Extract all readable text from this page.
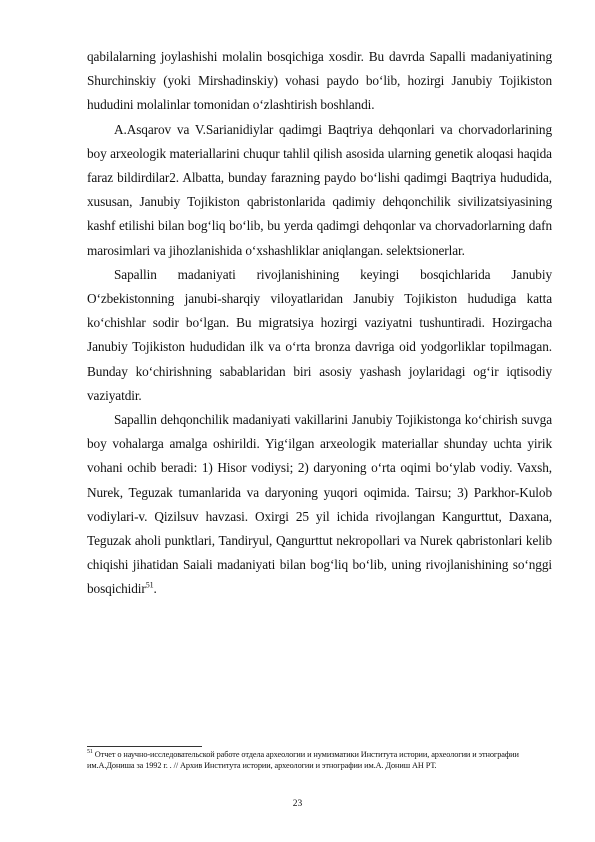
qabilalarning joylashishi molalin bosqichiga xosdir. Bu davrda Sapalli madaniyatining Shurchinskiy (yoki Mirshadinskiy) vohasi paydo boʻlib, hozirgi Janubiy Tojikiston hududini molalinlar tomonidan oʻzlashtirish boshlandi.

A.Asqarov va V.Sarianidiylar qadimgi Baqtriya dehqonlari va chorvadorlarining boy arxeologik materiallarini chuqur tahlil qilish asosida ularning genetik aloqasi haqida faraz bildirdilar2. Albatta, bunday farazning paydo boʻlishi qadimgi Baqtriya hududida, xususan, Janubiy Tojikiston qabristonlarida qadimiy dehqonchilik sivilizatsiyasining kashf etilishi bilan bogʻliq boʻlib, bu yerda qadimgi dehqonlar va chorvadorlarning dafn marosimlari va jihozlanishida oʻxshashliklar aniqlangan. selektsionerlar.

Sapallin madaniyati rivojlanishining keyingi bosqichlarida Janubiy Oʻzbekistonning janubi-sharqiy viloyatlaridan Janubiy Tojikiston hududiga katta koʻchishlar sodir boʻlgan. Bu migratsiya hozirgi vaziyatni tushuntiradi. Hozirgacha Janubiy Tojikiston hududidan ilk va oʻrta bronza davriga oid yodgorliklar topilmagan. Bunday koʻchirishning sabablaridan biri asosiy yashash joylaridagi ogʻir iqtisodiy vaziyatdir.

Sapallin dehqonchilik madaniyati vakillarini Janubiy Tojikistonga koʻchirish suvga boy vohalarga amalga oshirildi. Yigʻilgan arxeologik materiallar shunday uchta yirik vohani ochib beradi: 1) Hisor vodiysi; 2) daryoning oʻrta oqimi boʻylab vodiy. Vaxsh, Nurek, Teguzak tumanlarida va daryoning yuqori oqimida. Tairsu; 3) Parkhor-Kulob vodiylari-v. Qizilsuv havzasi. Oxirgi 25 yil ichida rivojlangan Kangurttut, Daxana, Teguzak aholi punktlari, Tandiryul, Qangurttut nekropollari va Nurek qabristonlari kelib chiqishi jihatidan Saiali madaniyati bilan bogʻliq boʻlib, uning rivojlanishining soʻnggi bosqichidir$^{51}$.

$^{51}$ Отчет о научно-исследовательской работе отдела археологии и нумизматики Института истории, археологии и этнографии им.А.Дониша за 1992 г. . // Архив Института истории, археологии и этнографии им.А. Дониш АН РТ.

23
